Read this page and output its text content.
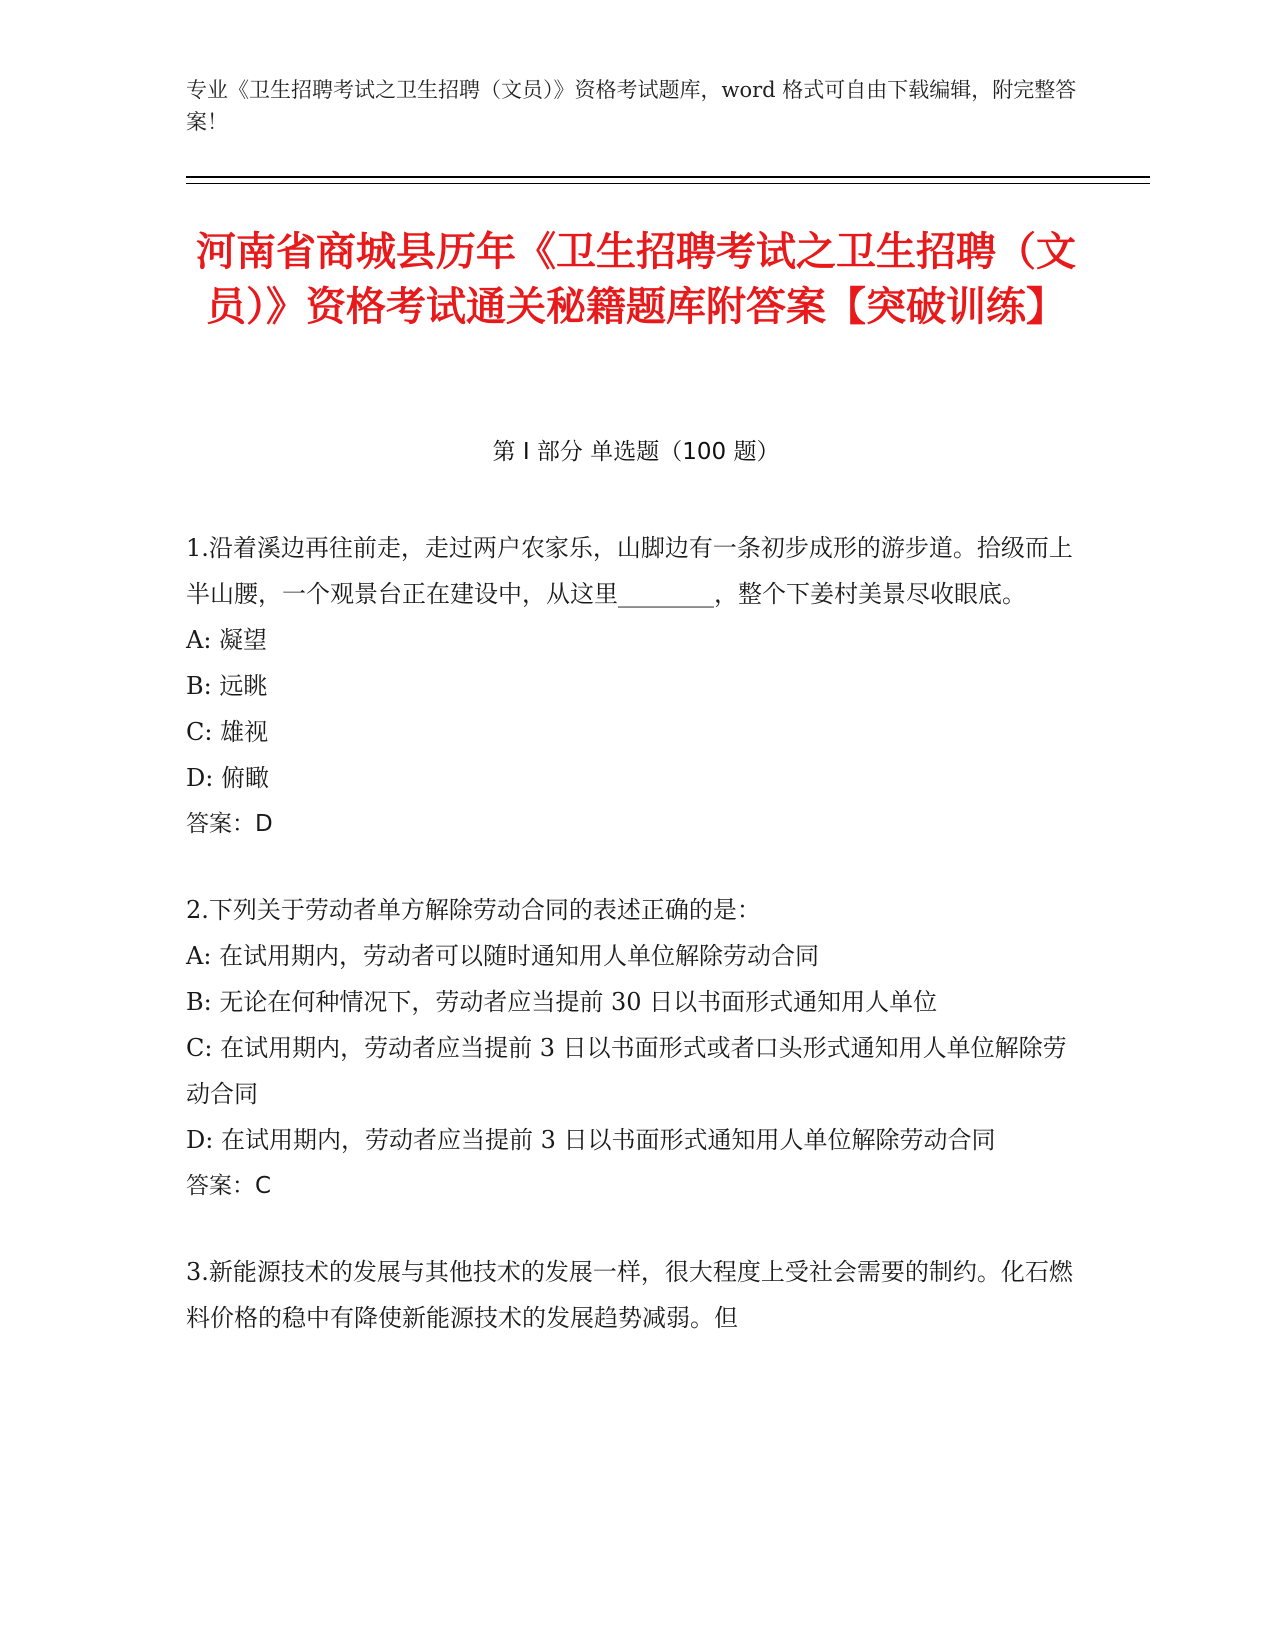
专业《卫生招聘考试之卫生招聘（文员）》资格考试题库，word 格式可自由下载编辑，附完整答案！
河南省商城县历年《卫生招聘考试之卫生招聘（文员）》资格考试通关秘籍题库附答案【突破训练】
第 I 部分 单选题（100 题）

1.沿着溪边再往前走，走过两户农家乐，山脚边有一条初步成形的游步道。拾级而上半山腰，一个观景台正在建设中，从这里________，整个下姜村美景尽收眼底。

A: 凝望

B: 远眺

C: 雄视

D: 俯瞰

答案：D

2.下列关于劳动者单方解除劳动合同的表述正确的是：

A: 在试用期内，劳动者可以随时通知用人单位解除劳动合同

B: 无论在何种情况下，劳动者应当提前 30 日以书面形式通知用人单位

C: 在试用期内，劳动者应当提前 3 日以书面形式或者口头形式通知用人单位解除劳动合同

D: 在试用期内，劳动者应当提前 3 日以书面形式通知用人单位解除劳动合同

答案：C

3.新能源技术的发展与其他技术的发展一样，很大程度上受社会需要的制约。化石燃料价格的稳中有降使新能源技术的发展趋势减弱。但
